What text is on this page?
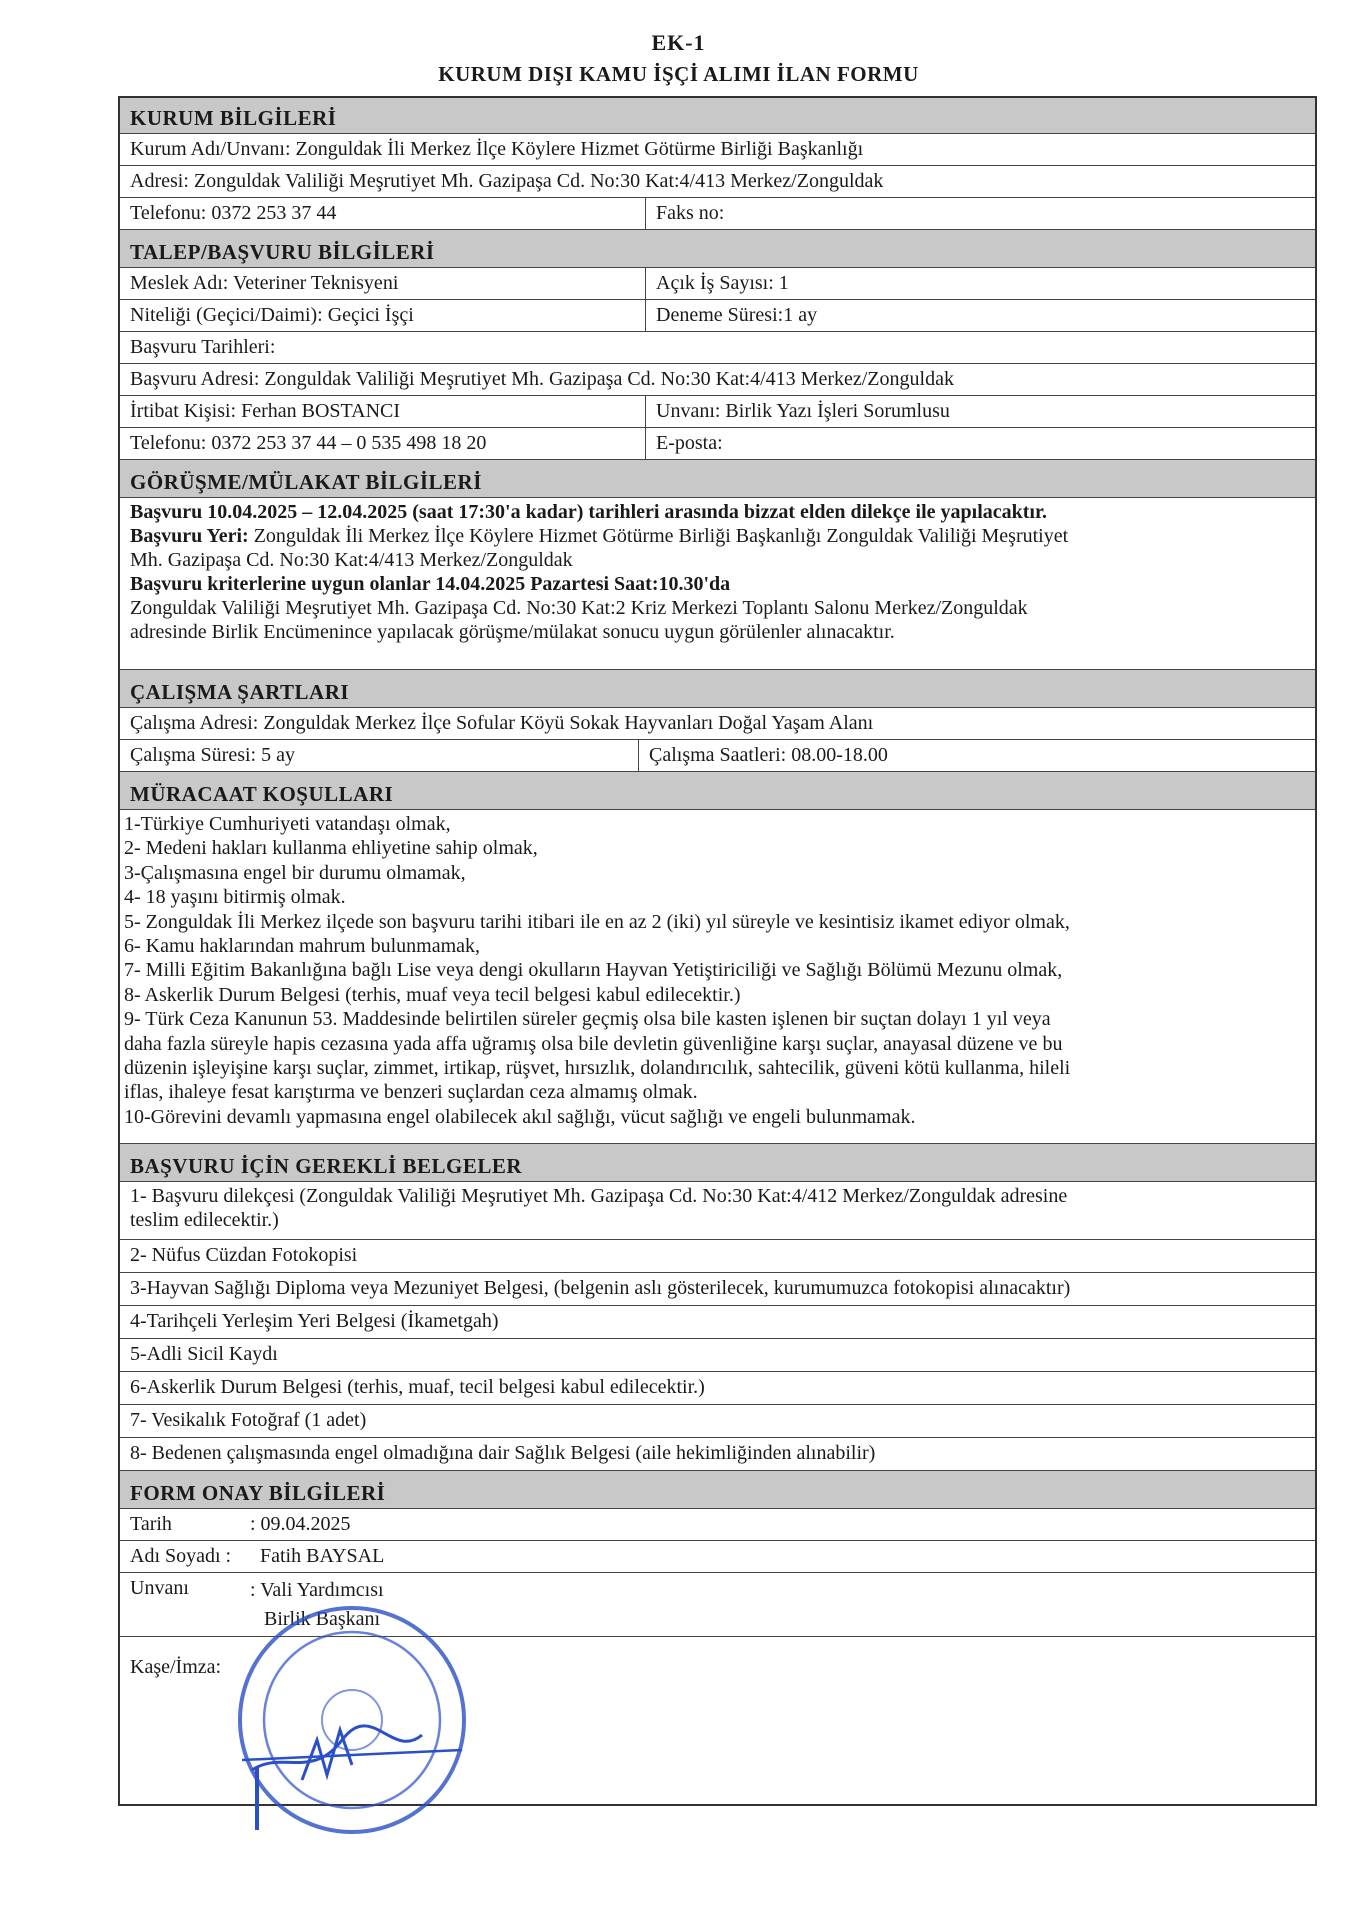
EK-1
KURUM DIŞI KAMU İŞÇİ ALIMI İLAN FORMU
KURUM BİLGİLERİ
Kurum Adı/Unvanı: Zonguldak İli Merkez İlçe Köylere Hizmet Götürme Birliği Başkanlığı
Adresi: Zonguldak Valiliği Meşrutiyet Mh. Gazipaşa Cd. No:30 Kat:4/413 Merkez/Zonguldak
Telefonu: 0372 253 37 44	Faks no:
TALEP/BAŞVURU BİLGİLERİ
Meslek Adı: Veteriner Teknisyeni	Açık İş Sayısı: 1
Niteliği (Geçici/Daimi): Geçici İşçi	Deneme Süresi:1 ay
Başvuru Tarihleri:
Başvuru Adresi: Zonguldak Valiliği Meşrutiyet Mh. Gazipaşa Cd. No:30 Kat:4/413 Merkez/Zonguldak
İrtibat Kişisi: Ferhan BOSTANCI	Unvanı: Birlik Yazı İşleri Sorumlusu
Telefonu: 0372 253 37 44 – 0 535 498 18 20	E-posta:
GÖRÜŞME/MÜLAKAT BİLGİLERİ

Başvuru 10.04.2025 – 12.04.2025 (saat 17:30'a kadar) tarihleri arasında bizzat elden dilekçe ile yapılacaktır.

Başvuru Yeri: Zonguldak İli Merkez İlçe Köylere Hizmet Götürme Birliği Başkanlığı Zonguldak Valiliği Meşrutiyet

Mh. Gazipaşa Cd. No:30 Kat:4/413 Merkez/Zonguldak

Başvuru kriterlerine uygun olanlar 14.04.2025 Pazartesi Saat:10.30'da

Zonguldak Valiliği Meşrutiyet Mh. Gazipaşa Cd. No:30 Kat:2 Kriz Merkezi Toplantı Salonu Merkez/Zonguldak

adresinde Birlik Encümenince yapılacak görüşme/mülakat sonucu uygun görülenler alınacaktır.

ÇALIŞMA ŞARTLARI
Çalışma Adresi: Zonguldak Merkez İlçe Sofular Köyü Sokak Hayvanları Doğal Yaşam Alanı
Çalışma Süresi: 5 ay	Çalışma Saatleri: 08.00-18.00
MÜRACAAT KOŞULLARI

1-Türkiye Cumhuriyeti vatandaşı olmak,

2- Medeni hakları kullanma ehliyetine sahip olmak,

3-Çalışmasına engel bir durumu olmamak,

4- 18 yaşını bitirmiş olmak.

5- Zonguldak İli Merkez ilçede son başvuru tarihi itibari ile en az 2 (iki) yıl süreyle ve kesintisiz ikamet ediyor olmak,

6- Kamu haklarından mahrum bulunmamak,

7- Milli Eğitim Bakanlığına bağlı Lise veya dengi okulların Hayvan Yetiştiriciliği ve Sağlığı Bölümü Mezunu olmak,

8- Askerlik Durum Belgesi (terhis, muaf veya tecil belgesi kabul edilecektir.)

9- Türk Ceza Kanunun 53. Maddesinde belirtilen süreler geçmiş olsa bile kasten işlenen bir suçtan dolayı 1 yıl veya

daha fazla süreyle hapis cezasına yada affa uğramış olsa bile devletin güvenliğine karşı suçlar, anayasal düzene ve bu

düzenin işleyişine karşı suçlar, zimmet, irtikap, rüşvet, hırsızlık, dolandırıcılık, sahtecilik, güveni kötü kullanma, hileli

iflas, ihaleye fesat karıştırma ve benzeri suçlardan ceza almamış olmak.

10-Görevini devamlı yapmasına engel olabilecek akıl sağlığı, vücut sağlığı ve engeli bulunmamak.

BAŞVURU İÇİN GEREKLİ BELGELER

1- Başvuru dilekçesi (Zonguldak Valiliği Meşrutiyet Mh. Gazipaşa Cd. No:30 Kat:4/412 Merkez/Zonguldak adresine

teslim edilecektir.)

2- Nüfus Cüzdan Fotokopisi
3-Hayvan Sağlığı Diploma veya Mezuniyet Belgesi, (belgenin aslı gösterilecek, kurumumuzca fotokopisi alınacaktır)
4-Tarihçeli Yerleşim Yeri Belgesi (İkametgah)
5-Adli Sicil Kaydı
6-Askerlik Durum Belgesi (terhis, muaf, tecil belgesi kabul edilecektir.)
7- Vesikalık Fotoğraf (1 adet)
8- Bedenen çalışmasında engel olmadığına dair Sağlık Belgesi (aile hekimliğinden alınabilir)
FORM ONAY BİLGİLERİ
Tarih	: 09.04.2025
Adı Soyadı :	Fatih BAYSAL
Unvanı	: Vali Yardımcısı
Birlik Başkanı
Kaşe/İmza:
